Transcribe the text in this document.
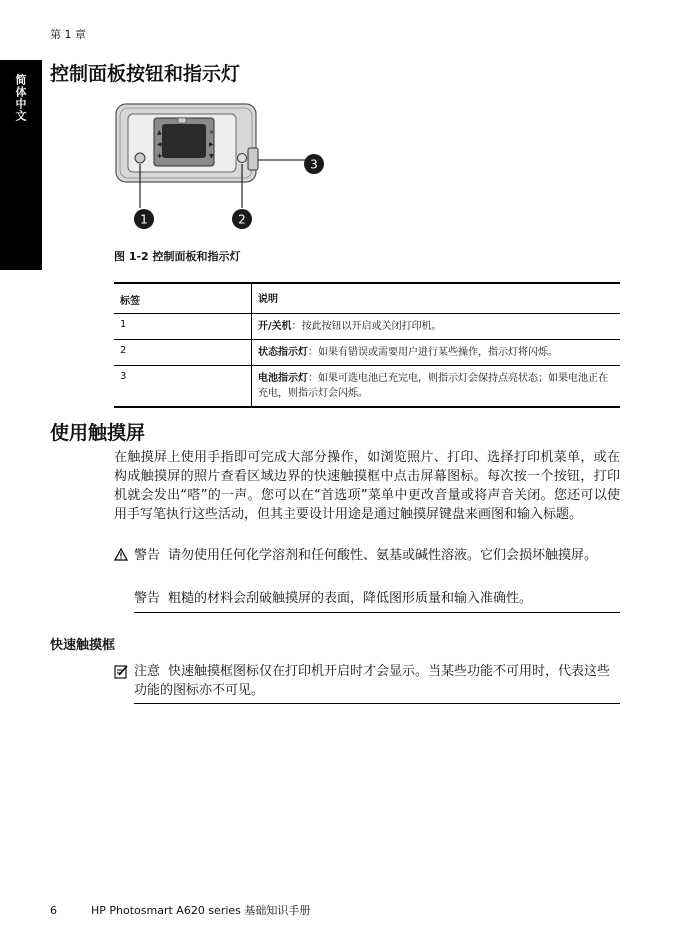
第 1 章
简体中文 控制面板按钮和指示灯
▲
◀
✚
✕
▶
▼
1	2
3
图 1-2 控制面板和指示灯
标签	说明
1	开/关机：按此按钮以开启或关闭打印机。
2	状态指示灯：如果有错误或需要用户进行某些操作，指示灯将闪烁。
3	电池指示灯：如果可选电池已充完电，则指示灯会保持点亮状态；如果电池正在充电，则指示灯会闪烁。
使用触摸屏
在触摸屏上使用手指即可完成大部分操作，如浏览照片、打印、选择打印机菜单，或在构成触摸屏的照片查看区域边界的快速触摸框中点击屏幕图标。每次按一个按钮，打印机就会发出“嗒”的一声。您可以在“首选项”菜单中更改音量或将声音关闭。您还可以使用手写笔执行这些活动，但其主要设计用途是通过触摸屏键盘来画图和输入标题。
警告 请勿使用任何化学溶剂和任何酸性、氨基或碱性溶液。它们会损坏触摸屏。
警告 粗糙的材料会刮破触摸屏的表面，降低图形质量和输入准确性。
快速触摸框
注意 快速触摸框图标仅在打印机开启时才会显示。当某些功能不可用时，代表这些功能的图标亦不可见。
6	HP Photosmart A620 series 基础知识手册
